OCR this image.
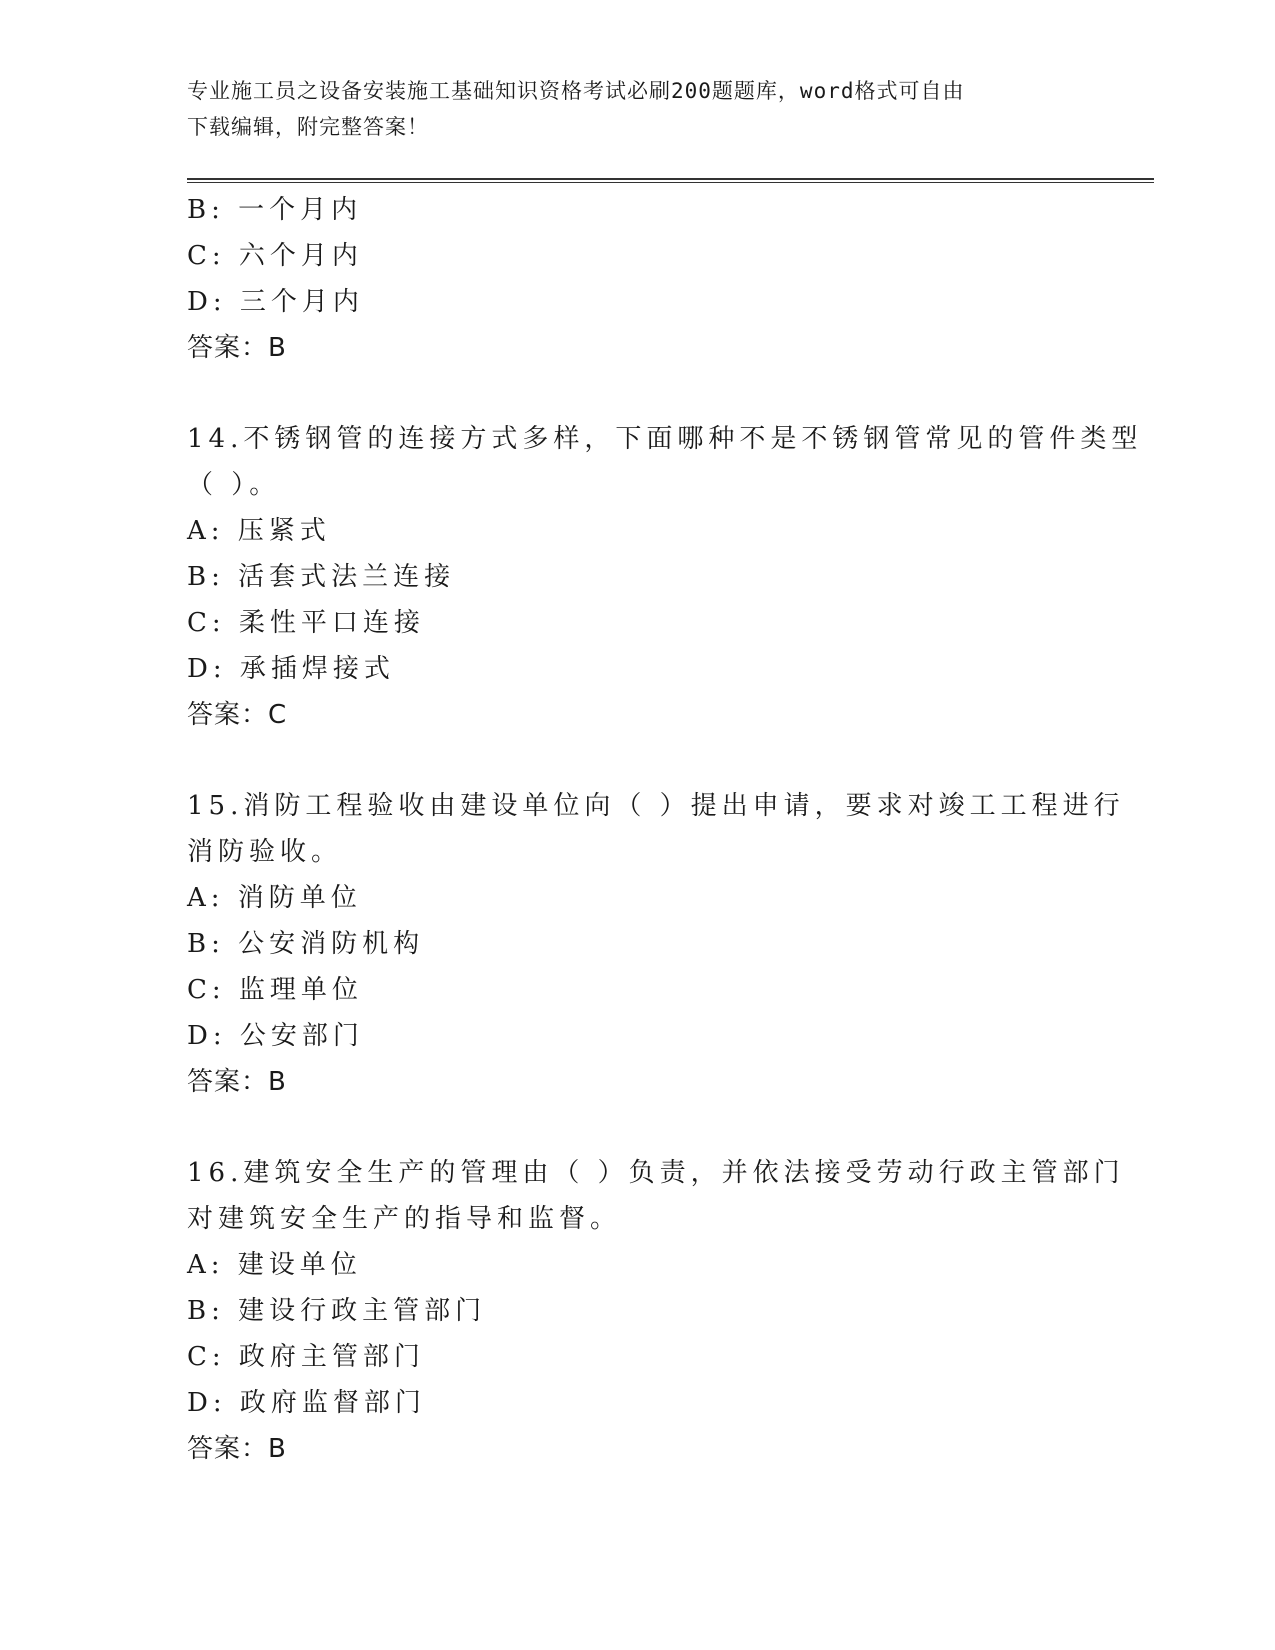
专业施工员之设备安装施工基础知识资格考试必刷200题题库，word格式可自由
下载编辑，附完整答案！
B: 一个月内
C: 六个月内
D: 三个月内
答案：B
14.不锈钢管的连接方式多样，下面哪种不是不锈钢管常见的管件类型
（ ）。
A: 压紧式
B: 活套式法兰连接
C: 柔性平口连接
D: 承插焊接式
答案：C
15.消防工程验收由建设单位向（ ）提出申请，要求对竣工工程进行
消防验收。
A: 消防单位
B: 公安消防机构
C: 监理单位
D: 公安部门
答案：B
16.建筑安全生产的管理由（ ）负责，并依法接受劳动行政主管部门
对建筑安全生产的指导和监督。
A: 建设单位
B: 建设行政主管部门
C: 政府主管部门
D: 政府监督部门
答案：B
